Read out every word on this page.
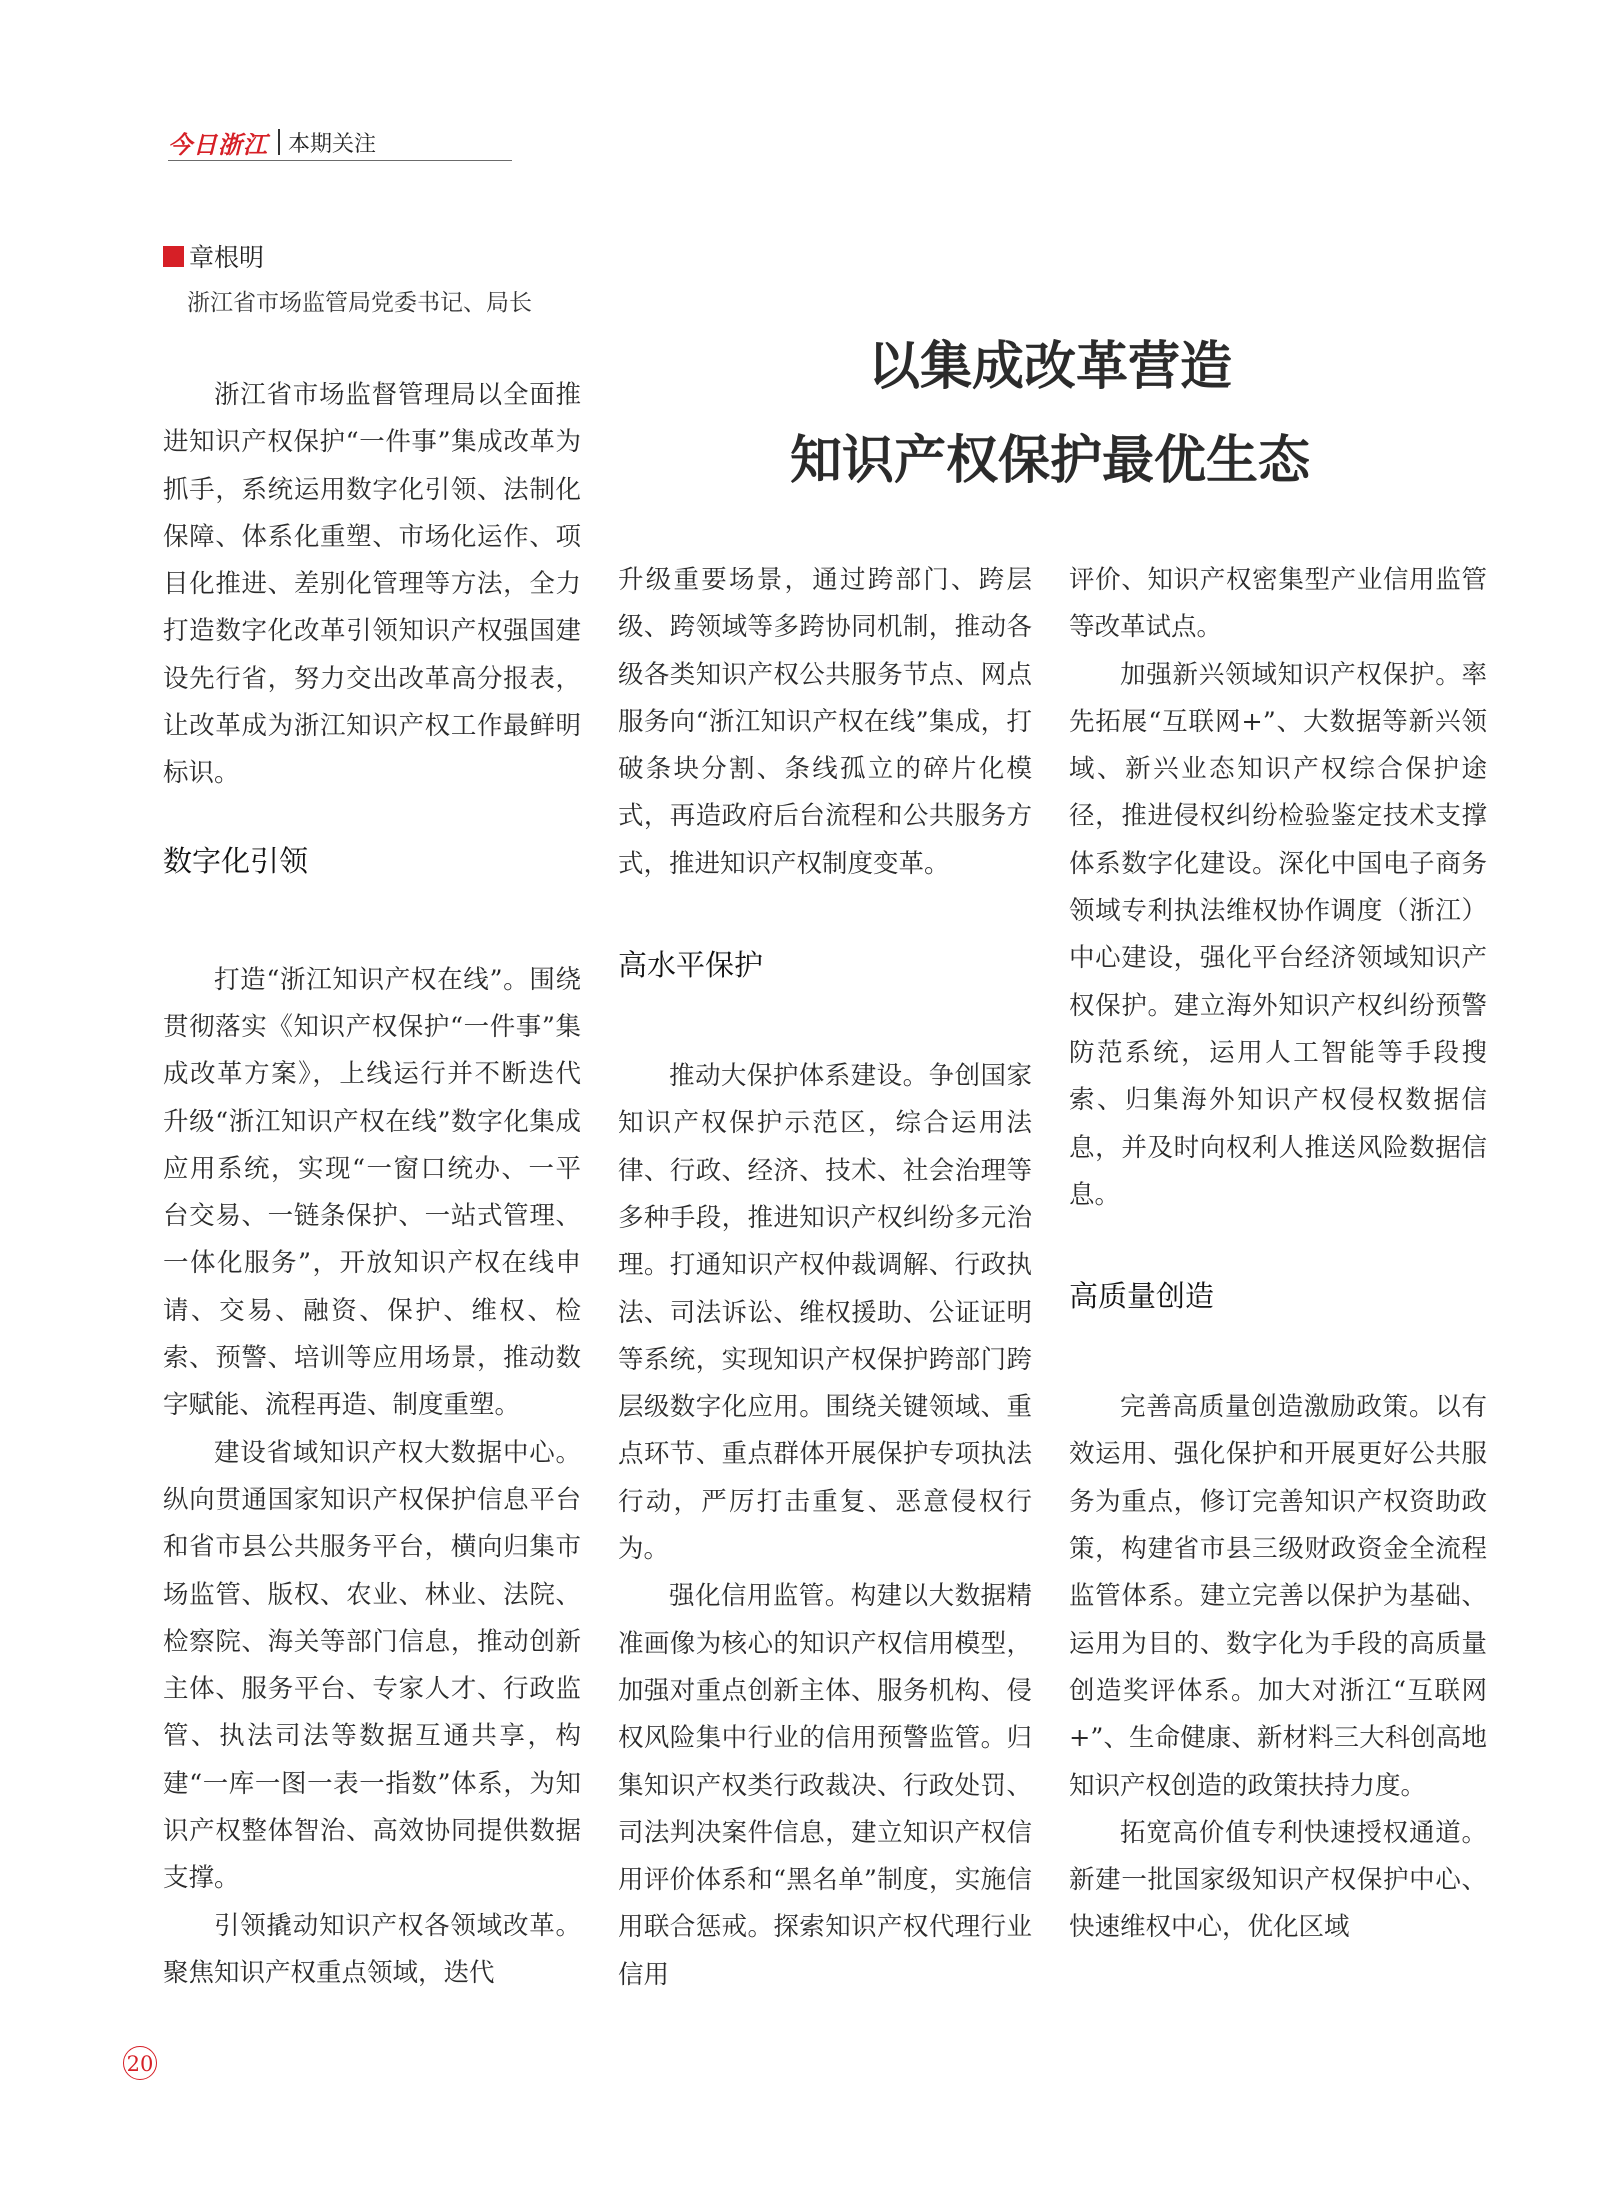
今日浙江 本期关注
章根明
浙江省市场监管局党委书记、局长
以集成改革营造
知识产权保护最优生态

浙江省市场监督管理局以全面推进知识产权保护“一件事”集成改革为抓手，系统运用数字化引领、法制化保障、体系化重塑、市场化运作、项目化推进、差别化管理等方法，全力打造数字化改革引领知识产权强国建设先行省，努力交出改革高分报表，让改革成为浙江知识产权工作最鲜明标识。

数字化引领

打造“浙江知识产权在线”。围绕贯彻落实《知识产权保护“一件事”集成改革方案》，上线运行并不断迭代升级“浙江知识产权在线”数字化集成应用系统，实现“一窗口统办、一平台交易、一链条保护、一站式管理、一体化服务”，开放知识产权在线申请、交易、融资、保护、维权、检索、预警、培训等应用场景，推动数字赋能、流程再造、制度重塑。

建设省域知识产权大数据中心。纵向贯通国家知识产权保护信息平台和省市县公共服务平台，横向归集市场监管、版权、农业、林业、法院、检察院、海关等部门信息，推动创新主体、服务平台、专家人才、行政监管、执法司法等数据互通共享，构建“一库一图一表一指数”体系，为知识产权整体智治、高效协同提供数据支撑。

引领撬动知识产权各领域改革。聚焦知识产权重点领域，迭代

升级重要场景，通过跨部门、跨层级、跨领域等多跨协同机制，推动各级各类知识产权公共服务节点、网点服务向“浙江知识产权在线”集成，打破条块分割、条线孤立的碎片化模式，再造政府后台流程和公共服务方式，推进知识产权制度变革。

高水平保护

推动大保护体系建设。争创国家知识产权保护示范区，综合运用法律、行政、经济、技术、社会治理等多种手段，推进知识产权纠纷多元治理。打通知识产权仲裁调解、行政执法、司法诉讼、维权援助、公证证明等系统，实现知识产权保护跨部门跨层级数字化应用。围绕关键领域、重点环节、重点群体开展保护专项执法行动，严厉打击重复、恶意侵权行为。

强化信用监管。构建以大数据精准画像为核心的知识产权信用模型，加强对重点创新主体、服务机构、侵权风险集中行业的信用预警监管。归集知识产权类行政裁决、行政处罚、司法判决案件信息，建立知识产权信用评价体系和“黑名单”制度，实施信用联合惩戒。探索知识产权代理行业信用

评价、知识产权密集型产业信用监管等改革试点。

加强新兴领域知识产权保护。率先拓展“互联网+”、大数据等新兴领域、新兴业态知识产权综合保护途径，推进侵权纠纷检验鉴定技术支撑体系数字化建设。深化中国电子商务领域专利执法维权协作调度（浙江）中心建设，强化平台经济领域知识产权保护。建立海外知识产权纠纷预警防范系统，运用人工智能等手段搜索、归集海外知识产权侵权数据信息，并及时向权利人推送风险数据信息。

高质量创造

完善高质量创造激励政策。以有效运用、强化保护和开展更好公共服务为重点，修订完善知识产权资助政策，构建省市县三级财政资金全流程监管体系。建立完善以保护为基础、运用为目的、数字化为手段的高质量创造奖评体系。加大对浙江“互联网+”、生命健康、新材料三大科创高地知识产权创造的政策扶持力度。

拓宽高价值专利快速授权通道。新建一批国家级知识产权保护中心、快速维权中心，优化区域

20
